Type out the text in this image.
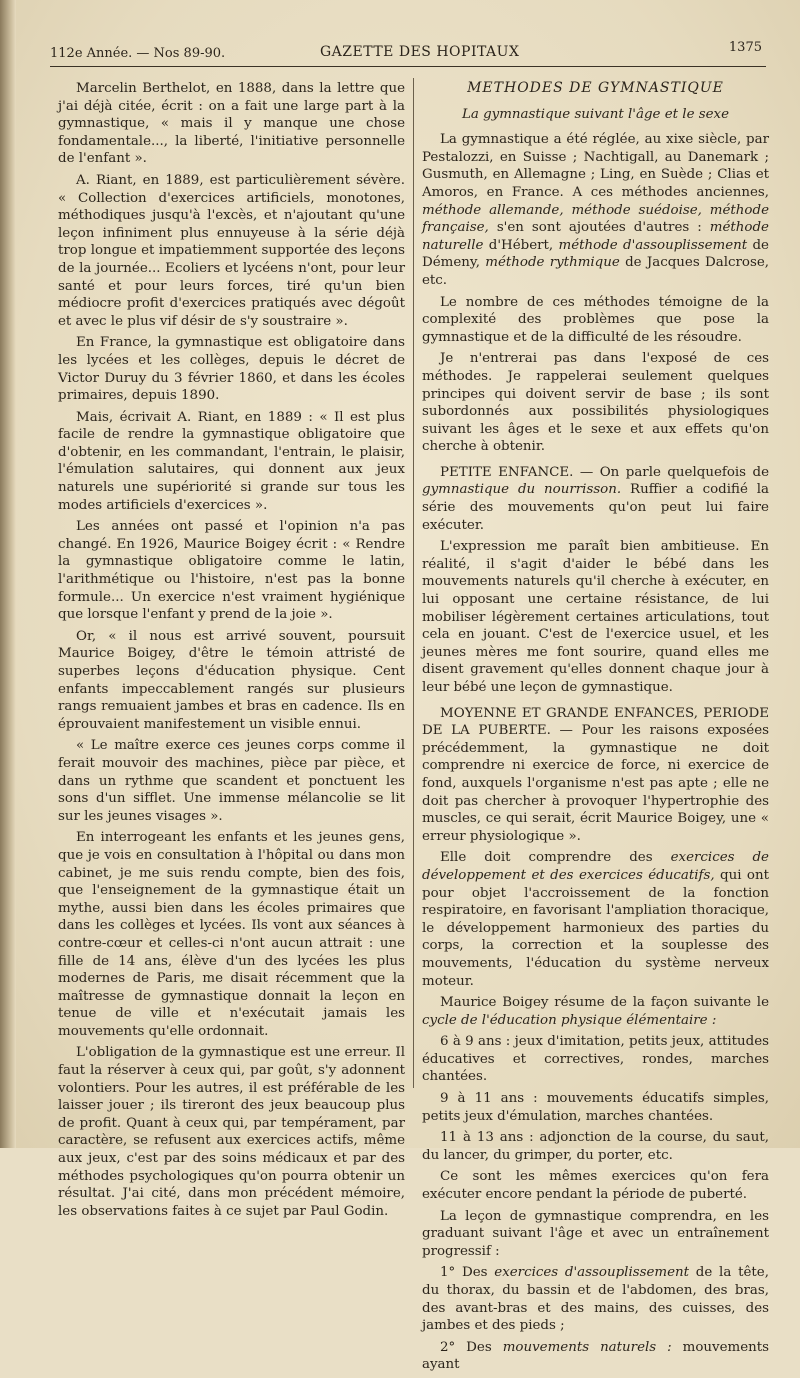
112e Année. — Nos 89-90.	GAZETTE DES HOPITAUX	1375

Marcelin Berthelot, en 1888, dans la lettre que j'ai déjà citée, écrit : on a fait une large part à la gymnastique, « mais il y manque une chose fondamentale..., la liberté, l'initiative personnelle de l'enfant ».

A. Riant, en 1889, est particulièrement sévère. « Collection d'exercices artificiels, monotones, méthodiques jusqu'à l'excès, et n'ajoutant qu'une leçon infiniment plus ennuyeuse à la série déjà trop longue et impatiemment supportée des leçons de la journée... Ecoliers et lycéens n'ont, pour leur santé et pour leurs forces, tiré qu'un bien médiocre profit d'exercices pratiqués avec dégoût et avec le plus vif désir de s'y soustraire ».

En France, la gymnastique est obligatoire dans les lycées et les collèges, depuis le décret de Victor Duruy du 3 février 1860, et dans les écoles primaires, depuis 1890.

Mais, écrivait A. Riant, en 1889 : « Il est plus facile de rendre la gymnastique obligatoire que d'obtenir, en les commandant, l'entrain, le plaisir, l'émulation salutaires, qui donnent aux jeux naturels une supériorité si grande sur tous les modes artificiels d'exercices ».

Les années ont passé et l'opinion n'a pas changé. En 1926, Maurice Boigey écrit : « Rendre la gymnastique obligatoire comme le latin, l'arithmétique ou l'histoire, n'est pas la bonne formule... Un exercice n'est vraiment hygiénique que lorsque l'enfant y prend de la joie ».

Or, « il nous est arrivé souvent, poursuit Maurice Boigey, d'être le témoin attristé de superbes leçons d'éducation physique. Cent enfants impeccablement rangés sur plusieurs rangs remuaient jambes et bras en cadence. Ils en éprouvaient manifestement un visible ennui.

« Le maître exerce ces jeunes corps comme il ferait mouvoir des machines, pièce par pièce, et dans un rythme que scandent et ponctuent les sons d'un sifflet. Une immense mélancolie se lit sur les jeunes visages ».

En interrogeant les enfants et les jeunes gens, que je vois en consultation à l'hôpital ou dans mon cabinet, je me suis rendu compte, bien des fois, que l'enseignement de la gymnastique était un mythe, aussi bien dans les écoles primaires que dans les collèges et lycées. Ils vont aux séances à contre-cœur et celles-ci n'ont aucun attrait : une fille de 14 ans, élève d'un des lycées les plus modernes de Paris, me disait récemment que la maîtresse de gymnastique donnait la leçon en tenue de ville et n'exécutait jamais les mouvements qu'elle ordonnait.

L'obligation de la gymnastique est une erreur. Il faut la réserver à ceux qui, par goût, s'y adonnent volontiers. Pour les autres, il est préférable de les laisser jouer ; ils tireront des jeux beaucoup plus de profit. Quant à ceux qui, par tempérament, par caractère, se refusent aux exercices actifs, même aux jeux, c'est par des soins médicaux et par des méthodes psychologiques qu'on pourra obtenir un résultat. J'ai cité, dans mon précédent mémoire, les observations faites à ce sujet par Paul Godin.

METHODES DE GYMNASTIQUE

La gymnastique suivant l'âge et le sexe

La gymnastique a été réglée, au xixe siècle, par Pestalozzi, en Suisse ; Nachtigall, au Danemark ; Gusmuth, en Allemagne ; Ling, en Suède ; Clias et Amoros, en France. A ces méthodes anciennes, méthode allemande, méthode suédoise, méthode française, s'en sont ajoutées d'autres : méthode naturelle d'Hébert, méthode d'assouplissement de Démeny, méthode rythmique de Jacques Dalcrose, etc.

Le nombre de ces méthodes témoigne de la complexité des problèmes que pose la gymnastique et de la difficulté de les résoudre.

Je n'entrerai pas dans l'exposé de ces méthodes. Je rappelerai seulement quelques principes qui doivent servir de base ; ils sont subordonnés aux possibilités physiologiques suivant les âges et le sexe et aux effets qu'on cherche à obtenir.

PETITE ENFANCE. — On parle quelquefois de gymnastique du nourrisson. Ruffier a codifié la série des mouvements qu'on peut lui faire exécuter.

L'expression me paraît bien ambitieuse. En réalité, il s'agit d'aider le bébé dans les mouvements naturels qu'il cherche à exécuter, en lui opposant une certaine résistance, de lui mobiliser légèrement certaines articulations, tout cela en jouant. C'est de l'exercice usuel, et les jeunes mères me font sourire, quand elles me disent gravement qu'elles donnent chaque jour à leur bébé une leçon de gymnastique.

MOYENNE ET GRANDE ENFANCES, PERIODE DE LA PUBERTE. — Pour les raisons exposées précédemment, la gymnastique ne doit comprendre ni exercice de force, ni exercice de fond, auxquels l'organisme n'est pas apte ; elle ne doit pas chercher à provoquer l'hypertrophie des muscles, ce qui serait, écrit Maurice Boigey, une « erreur physiologique ».

Elle doit comprendre des exercices de développement et des exercices éducatifs, qui ont pour objet l'accroissement de la fonction respiratoire, en favorisant l'ampliation thoracique, le développement harmonieux des parties du corps, la correction et la souplesse des mouvements, l'éducation du système nerveux moteur.

Maurice Boigey résume de la façon suivante le cycle de l'éducation physique élémentaire :

6 à 9 ans : jeux d'imitation, petits jeux, attitudes éducatives et correctives, rondes, marches chantées.

9 à 11 ans : mouvements éducatifs simples, petits jeux d'émulation, marches chantées.

11 à 13 ans : adjonction de la course, du saut, du lancer, du grimper, du porter, etc.

Ce sont les mêmes exercices qu'on fera exécuter encore pendant la période de puberté.

La leçon de gymnastique comprendra, en les graduant suivant l'âge et avec un entraînement progressif :

1° Des exercices d'assouplissement de la tête, du thorax, du bassin et de l'abdomen, des bras, des avant-bras et des mains, des cuisses, des jambes et des pieds ;

2° Des mouvements naturels : mouvements ayant
